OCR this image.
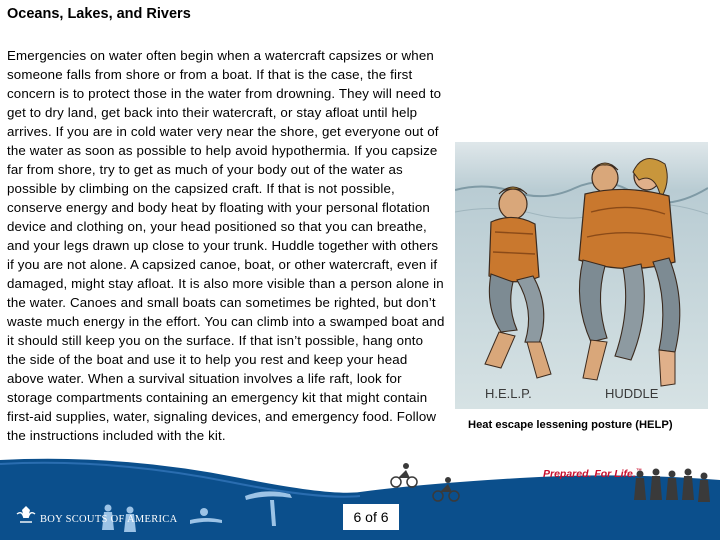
Oceans, Lakes, and Rivers
Emergencies on water often begin when a watercraft capsizes or when someone falls from shore or from a boat. If that is the case, the first concern is to protect those in the water from drowning. They will need to get to dry land, get back into their watercraft, or stay afloat until help arrives. If you are in cold water very near the shore, get everyone out of the water as soon as possible to help avoid hypothermia. If you capsize far from shore, try to get as much of your body out of the water as possible by climbing on the capsized craft. If that is not possible, conserve energy and body heat by floating with your personal flotation device and clothing on, your head positioned so that you can breathe, and your legs drawn up close to your trunk. Huddle together with others if you are not alone. A capsized canoe, boat, or other watercraft, even if damaged, might stay afloat. It is also more visible than a person alone in the water. Canoes and small boats can sometimes be righted, but don’t waste much energy in the effort. You can climb into a swamped boat and it should still keep you on the surface. If that isn’t possible, hang onto the side of the boat and use it to help you rest and keep your head above water. When a survival situation involves a life raft, look for storage compartments containing an emergency kit that might contain first-aid supplies, water, signaling devices, and emergency food. Follow the instructions included with the kit.
H.E.L.P.	HUDDLE

Heat escape lessening posture (HELP)

BOY SCOUTS OF AMERICA
Prepared. For Life.™
6 of 6
